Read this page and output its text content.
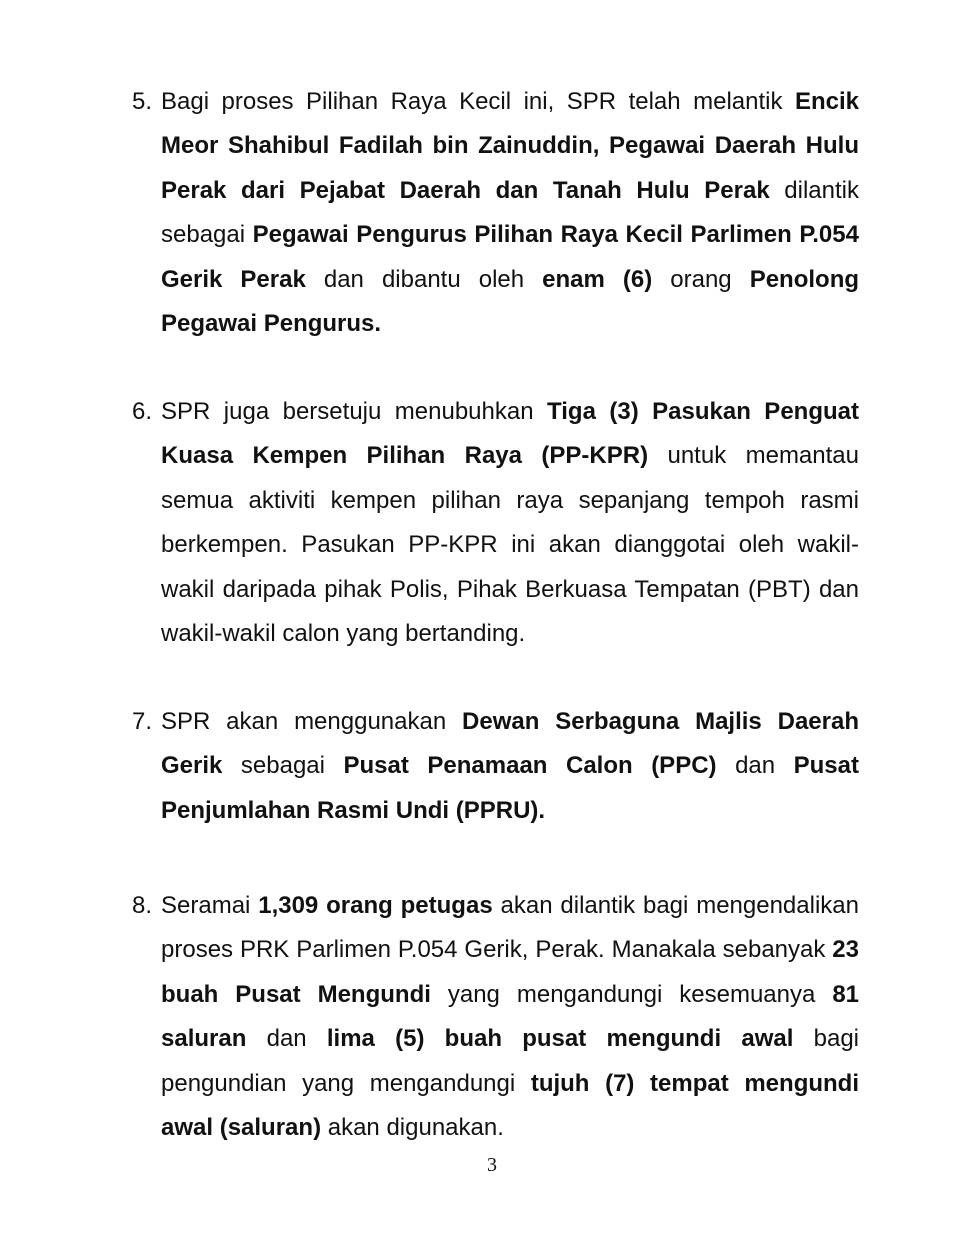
5. Bagi proses Pilihan Raya Kecil ini, SPR telah melantik Encik Meor Shahibul Fadilah bin Zainuddin, Pegawai Daerah Hulu Perak dari Pejabat Daerah dan Tanah Hulu Perak dilantik sebagai Pegawai Pengurus Pilihan Raya Kecil Parlimen P.054 Gerik Perak dan dibantu oleh enam (6) orang Penolong Pegawai Pengurus.
6. SPR juga bersetuju menubuhkan Tiga (3) Pasukan Penguat Kuasa Kempen Pilihan Raya (PP-KPR) untuk memantau semua aktiviti kempen pilihan raya sepanjang tempoh rasmi berkempen. Pasukan PP-KPR ini akan dianggotai oleh wakil-wakil daripada pihak Polis, Pihak Berkuasa Tempatan (PBT) dan wakil-wakil calon yang bertanding.
7. SPR akan menggunakan Dewan Serbaguna Majlis Daerah Gerik sebagai Pusat Penamaan Calon (PPC) dan Pusat Penjumlahan Rasmi Undi (PPRU).
8. Seramai 1,309 orang petugas akan dilantik bagi mengendalikan proses PRK Parlimen P.054 Gerik, Perak. Manakala sebanyak 23 buah Pusat Mengundi yang mengandungi kesemuanya 81 saluran dan lima (5) buah pusat mengundi awal bagi pengundian yang mengandungi tujuh (7) tempat mengundi awal (saluran) akan digunakan.
3
